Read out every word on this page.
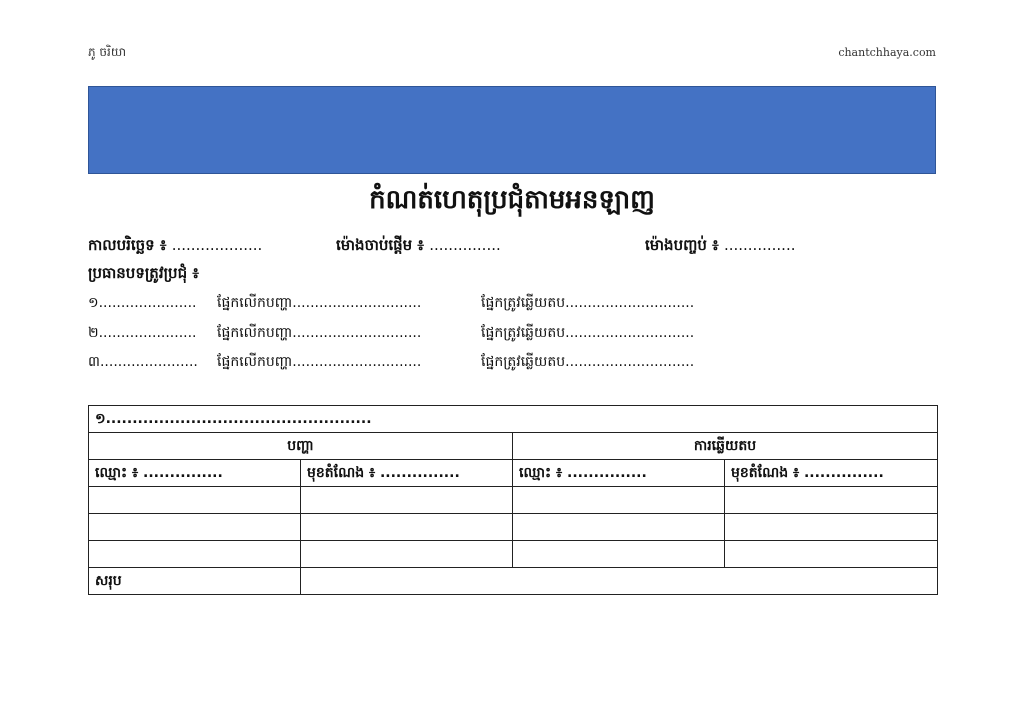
ភូ ចរិយា	chantchhaya.com
កំណត់ហេតុប្រជុំតាមអនឡាញ
កាលបរិច្ឆេទ ៖ ...................	ម៉ោងចាប់ផ្តើម ៖ ...............	ម៉ោងបញ្ចប់ ៖ ...............
ប្រធានបទត្រូវប្រជុំ ៖
១...................... ផ្នែកលើកបញ្ហា.............................	ផ្នែកត្រូវឆ្លើយតប.............................
២...................... ផ្នែកលើកបញ្ហា.............................	ផ្នែកត្រូវឆ្លើយតប.............................
៣...................... ផ្នែកលើកបញ្ហា.............................	ផ្នែកត្រូវឆ្លើយតប.............................
១..................................................			
បញ្ហា		ការឆ្លើយតប	
ឈ្មោះ ៖ ...............	មុខតំណែង ៖ ...............	ឈ្មោះ ៖ ...............	មុខតំណែង ៖ ...............

សរុប			
